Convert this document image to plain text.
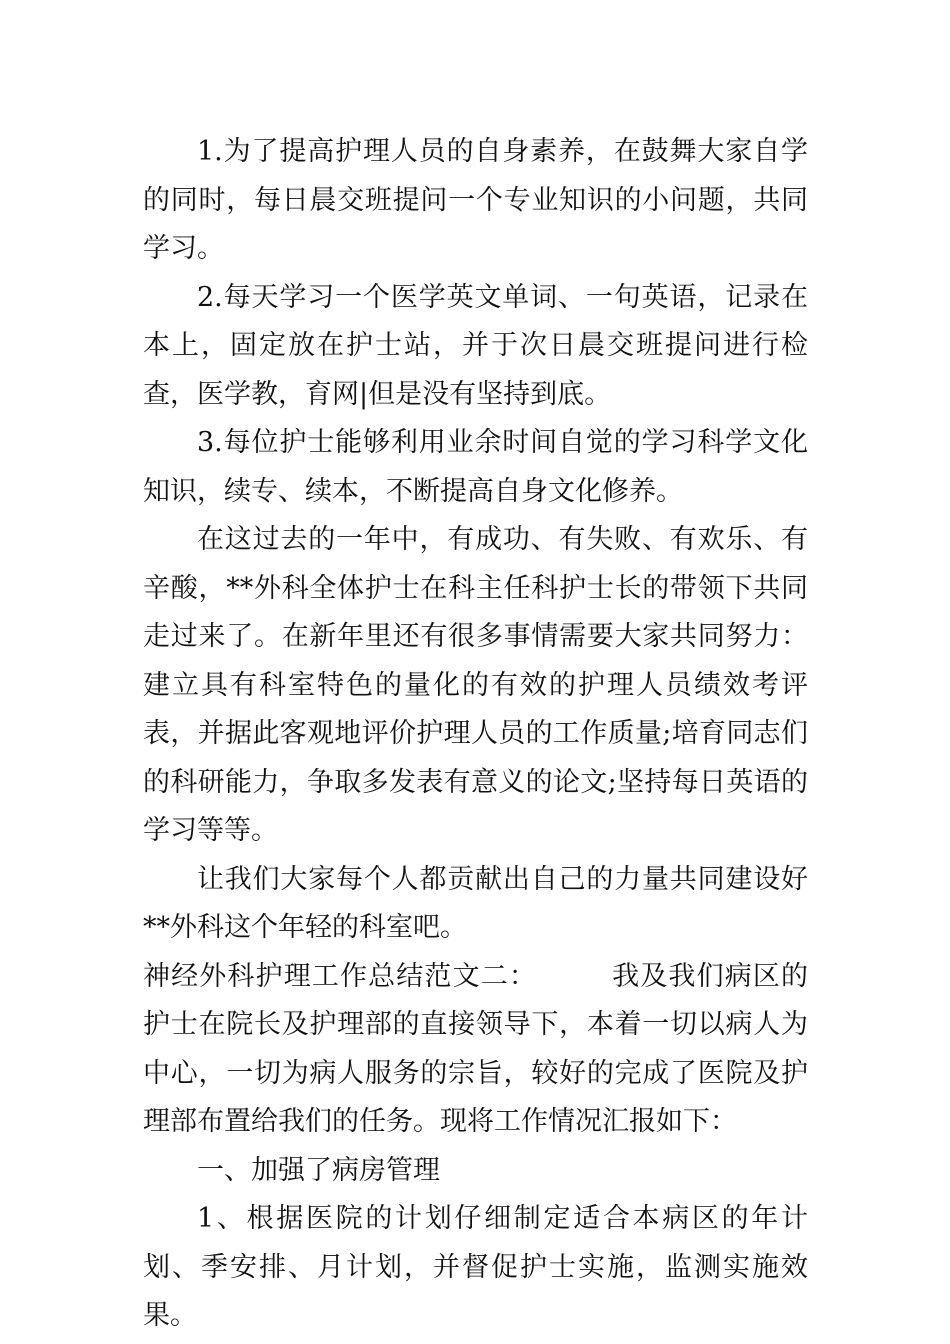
1.为了提高护理人员的自身素养，在鼓舞大家自学的同时，每日晨交班提问一个专业知识的小问题，共同学习。

2.每天学习一个医学英文单词、一句英语，记录在本上，固定放在护士站，并于次日晨交班提问进行检查，医学教，育网|但是没有坚持到底。

3.每位护士能够利用业余时间自觉的学习科学文化知识，续专、续本，不断提高自身文化修养。

在这过去的一年中，有成功、有失败、有欢乐、有辛酸，**外科全体护士在科主任科护士长的带领下共同走过来了。在新年里还有很多事情需要大家共同努力：建立具有科室特色的量化的有效的护理人员绩效考评表，并据此客观地评价护理人员的工作质量;培育同志们的科研能力，争取多发表有意义的论文;坚持每日英语的学习等等。

让我们大家每个人都贡献出自己的力量共同建设好**外科这个年轻的科室吧。

神经外科护理工作总结范文二：	我及我们病区的护士在院长及护理部的直接领导下，本着一切以病人为中心，一切为病人服务的宗旨，较好的完成了医院及护理部布置给我们的任务。现将工作情况汇报如下：

一、加强了病房管理

1、根据医院的计划仔细制定适合本病区的年计划、季安排、月计划，并督促护士实施，监测实施效果。
